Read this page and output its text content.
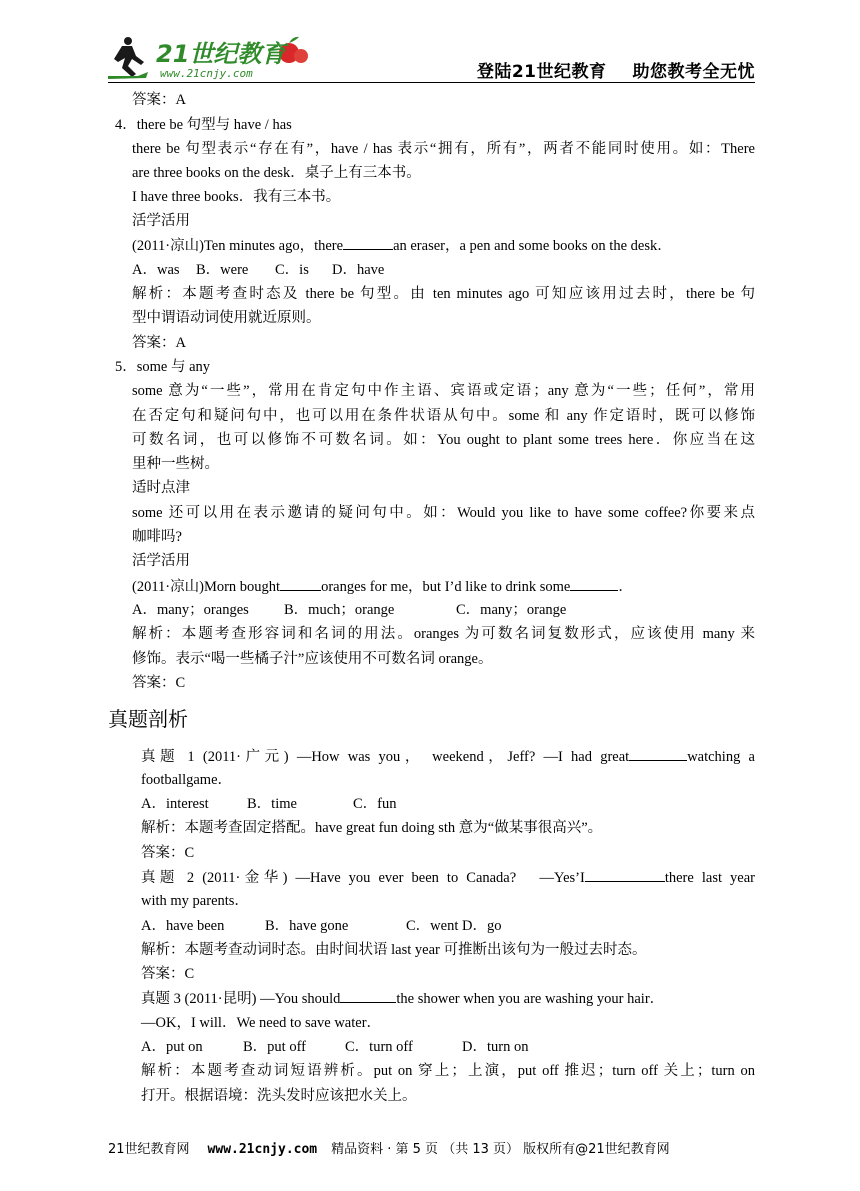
21世纪教育
www.21cnjy.com	登陆21世纪教育 助您教考全无忧
答案：A
4．there be 句型与 have / has
there be 句型表示“存在有”，have / has 表示“拥有，所有”，两者不能同时使用。如：There
are three books on the desk．桌子上有三本书。
I have three books．我有三本书。
活学活用
(2011·凉山)Ten minutes ago，there	an eraser，a pen and some books on the desk．
A．was B．were C．is D．have
解析：本题考查时态及 there be 句型。由 ten minutes ago 可知应该用过去时，there be 句
型中谓语动词使用就近原则。
答案：A
5．some 与 any
some 意为“一些”，常用在肯定句中作主语、宾语或定语；any 意为“一些；任何”，常用
在否定句和疑问句中，也可以用在条件状语从句中。some 和 any 作定语时，既可以修饰
可数名词，也可以修饰不可数名词。如：You ought to plant some trees here．你应当在这
里种一些树。
适时点津
some 还可以用在表示邀请的疑问句中。如：Would you like to have some coffee?你要来点
咖啡吗?
活学活用
(2011·凉山)Morn bought	oranges for me，but I’d like to drink some	．
A．many；oranges B．much；orange	C．many；orange
解析：本题考查形容词和名词的用法。oranges 为可数名词复数形式，应该使用 many 来
修饰。表示“喝一些橘子汁”应该使用不可数名词 orange。
答案：C
真题剖析
真题 1 (2011·广元) —How was you， weekend，Jeff? —I had great	watching a
footballgame．
A．interest	B．time	C．fun
解析：本题考查固定搭配。have great fun doing sth 意为“做某事很高兴”。
答案：C
真题 2 (2011·金华) —Have you ever been to Canada?　—Yes’I	there last year
with my parents．
A．have been	B．have gone	C．went D．go
解析：本题考查动词时态。由时间状语 last year 可推断出该句为一般过去时态。
答案：C
真题 3 (2011·昆明) —You should	the shower when you are washing your hair．
—OK，I will．We need to save water．
A．put on	B．put off	C．turn off	D．turn on
解析：本题考查动词短语辨析。put on 穿上；上演，put off 推迟；turn off 关上；turn on
打开。根据语境：洗头发时应该把水关上。
21世纪教育网 www.21cnjy.com 精品资料 · 第 5 页 （共 13 页） 版权所有@21世纪教育网
